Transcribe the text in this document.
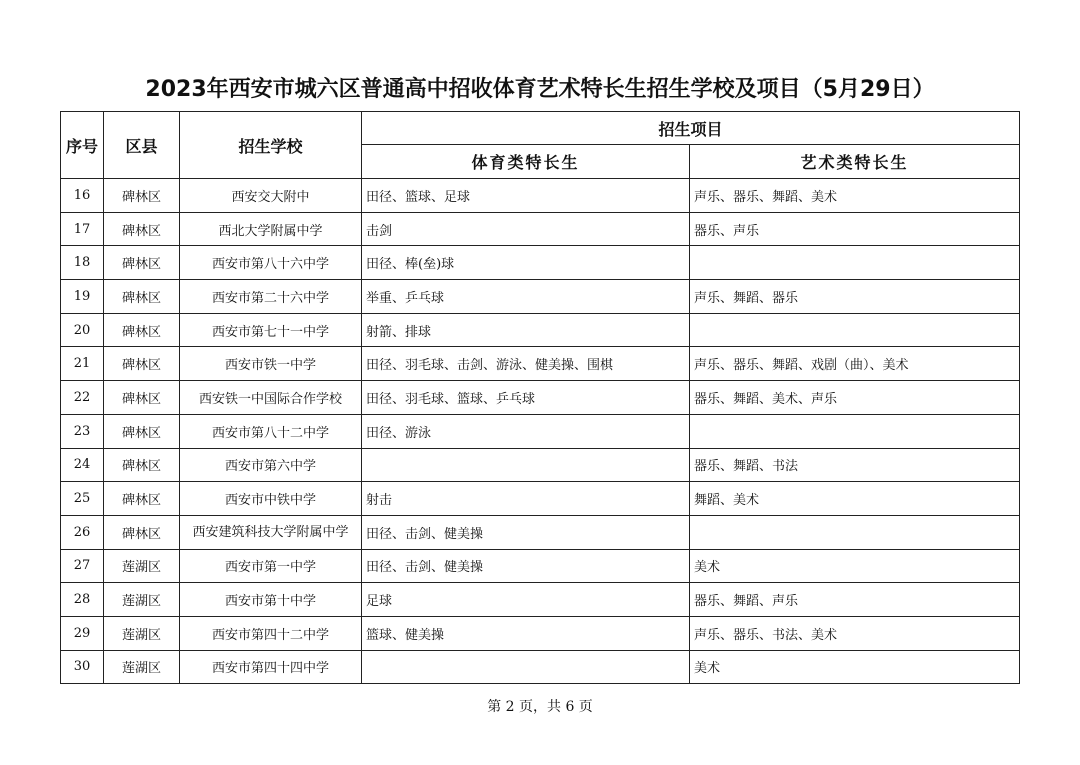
2023年西安市城六区普通高中招收体育艺术特长生招生学校及项目（5月29日）
序号	区县	招生学校	招生项目	
			体育类特长生	艺术类特长生
16	碑林区	西安交大附中	田径、篮球、足球	声乐、器乐、舞蹈、美术
17	碑林区	西北大学附属中学	击剑	器乐、声乐
18	碑林区	西安市第八十六中学	田径、棒(垒)球	
19	碑林区	西安市第二十六中学	举重、乒乓球	声乐、舞蹈、器乐
20	碑林区	西安市第七十一中学	射箭、排球	
21	碑林区	西安市铁一中学	田径、羽毛球、击剑、游泳、健美操、围棋	声乐、器乐、舞蹈、戏剧（曲）、美术
22	碑林区	西安铁一中国际合作学校	田径、羽毛球、篮球、乒乓球	器乐、舞蹈、美术、声乐
23	碑林区	西安市第八十二中学	田径、游泳	
24	碑林区	西安市第六中学		器乐、舞蹈、书法
25	碑林区	西安市中铁中学	射击	舞蹈、美术
26	碑林区	西安建筑科技大学附属中学	田径、击剑、健美操	
27	莲湖区	西安市第一中学	田径、击剑、健美操	美术
28	莲湖区	西安市第十中学	足球	器乐、舞蹈、声乐
29	莲湖区	西安市第四十二中学	篮球、健美操	声乐、器乐、书法、美术
30	莲湖区	西安市第四十四中学		美术
第 2 页，共 6 页
